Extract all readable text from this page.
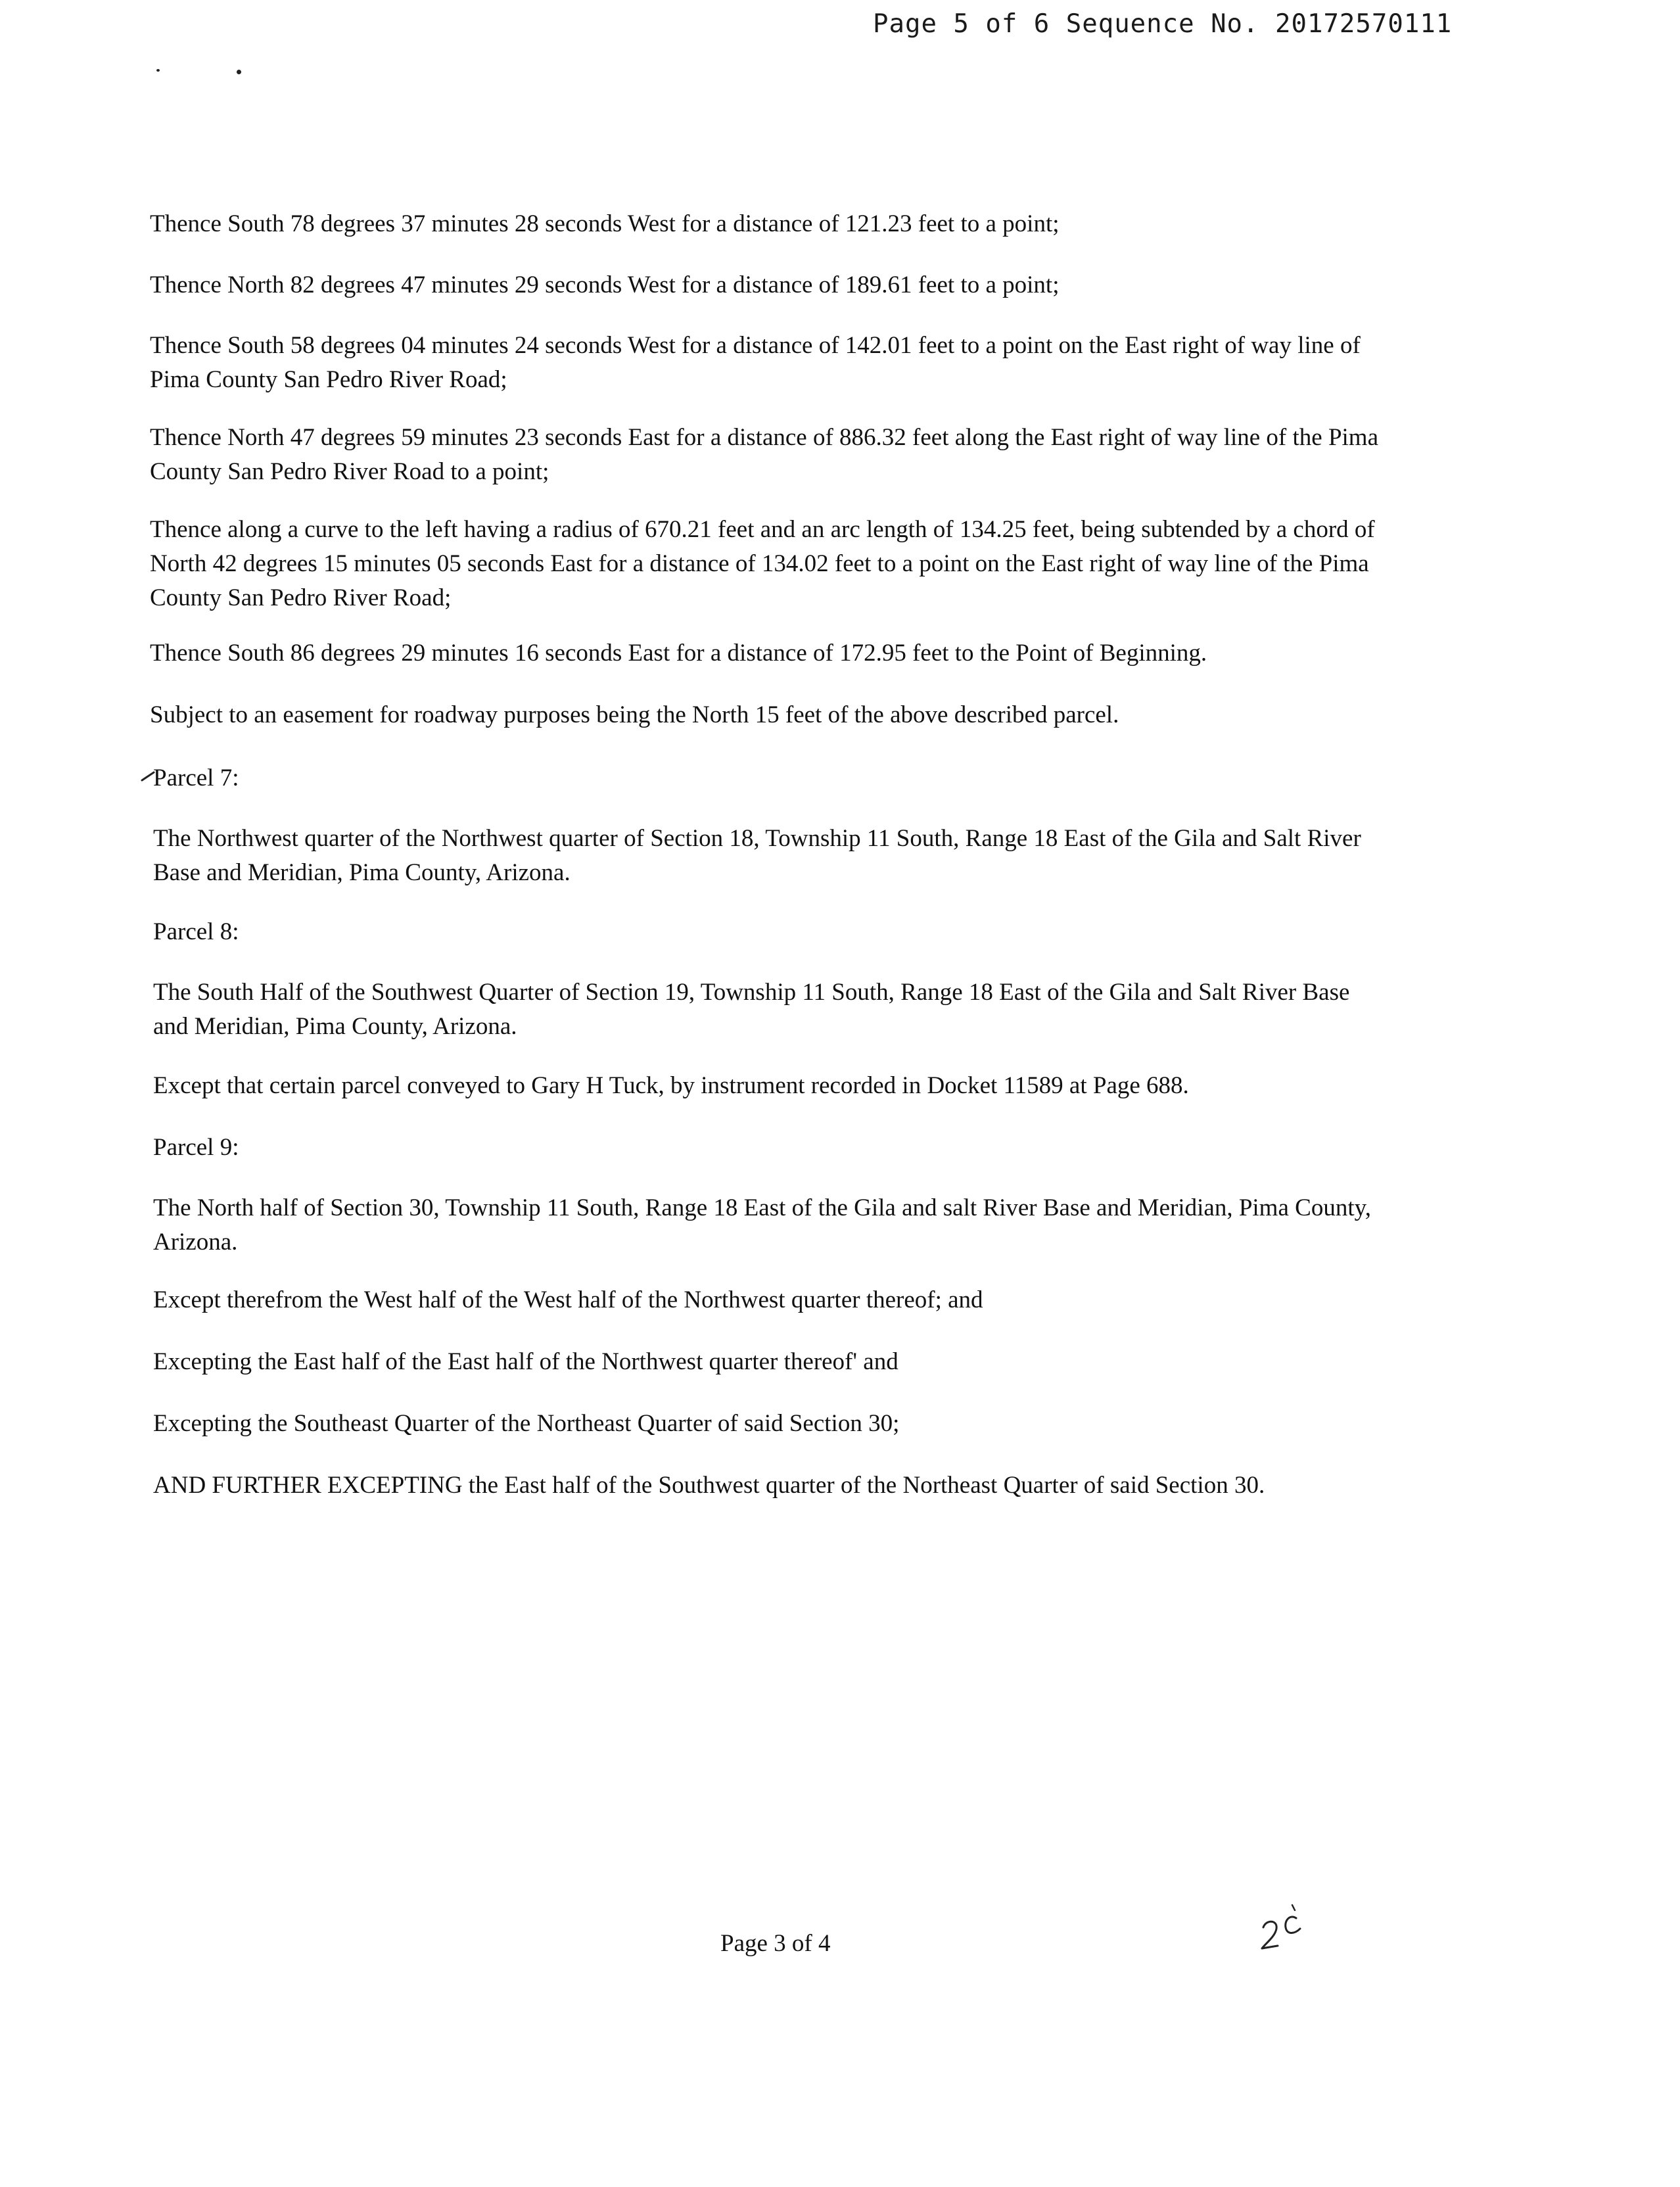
Page 5 of 6 Sequence No. 20172570111
Thence South 78 degrees 37 minutes 28 seconds West for a distance of 121.23 feet to a point;
Thence North 82 degrees 47 minutes 29 seconds West for a distance of 189.61 feet to a point;
Thence South 58 degrees 04 minutes 24 seconds West for a distance of 142.01 feet to a point on the East right of way line of Pima County San Pedro River Road;
Thence North 47 degrees 59 minutes 23 seconds East for a distance of 886.32 feet along the East right of way line of the Pima County San Pedro River Road to a point;
Thence along a curve to the left having a radius of 670.21 feet and an arc length of 134.25 feet, being subtended by a chord of North 42 degrees 15 minutes 05 seconds East for a distance of 134.02 feet to a point on the East right of way line of the Pima County San Pedro River Road;
Thence South 86 degrees 29 minutes 16 seconds East for a distance of 172.95 feet to the Point of Beginning.
Subject to an easement for roadway purposes being the North 15 feet of the above described parcel.
Parcel 7:
The Northwest quarter of the Northwest quarter of Section 18, Township 11 South, Range 18 East of the Gila and Salt River Base and Meridian, Pima County, Arizona.
Parcel 8:
The South Half of the Southwest Quarter of Section 19, Township 11 South, Range 18 East of the Gila and Salt River Base and Meridian, Pima County, Arizona.
Except that certain parcel conveyed to Gary H Tuck, by instrument recorded in Docket 11589 at Page 688.
Parcel 9:
The North half of Section 30, Township 11 South, Range 18 East of the Gila and salt River Base and Meridian, Pima County, Arizona.
Except therefrom the West half of the West half of the Northwest quarter thereof; and
Excepting the East half of the East half of the Northwest quarter thereof' and
Excepting the Southeast Quarter of the Northeast Quarter of said Section 30;
AND FURTHER EXCEPTING the East half of the Southwest quarter of the Northeast Quarter of said Section 30.
Page 3 of 4
